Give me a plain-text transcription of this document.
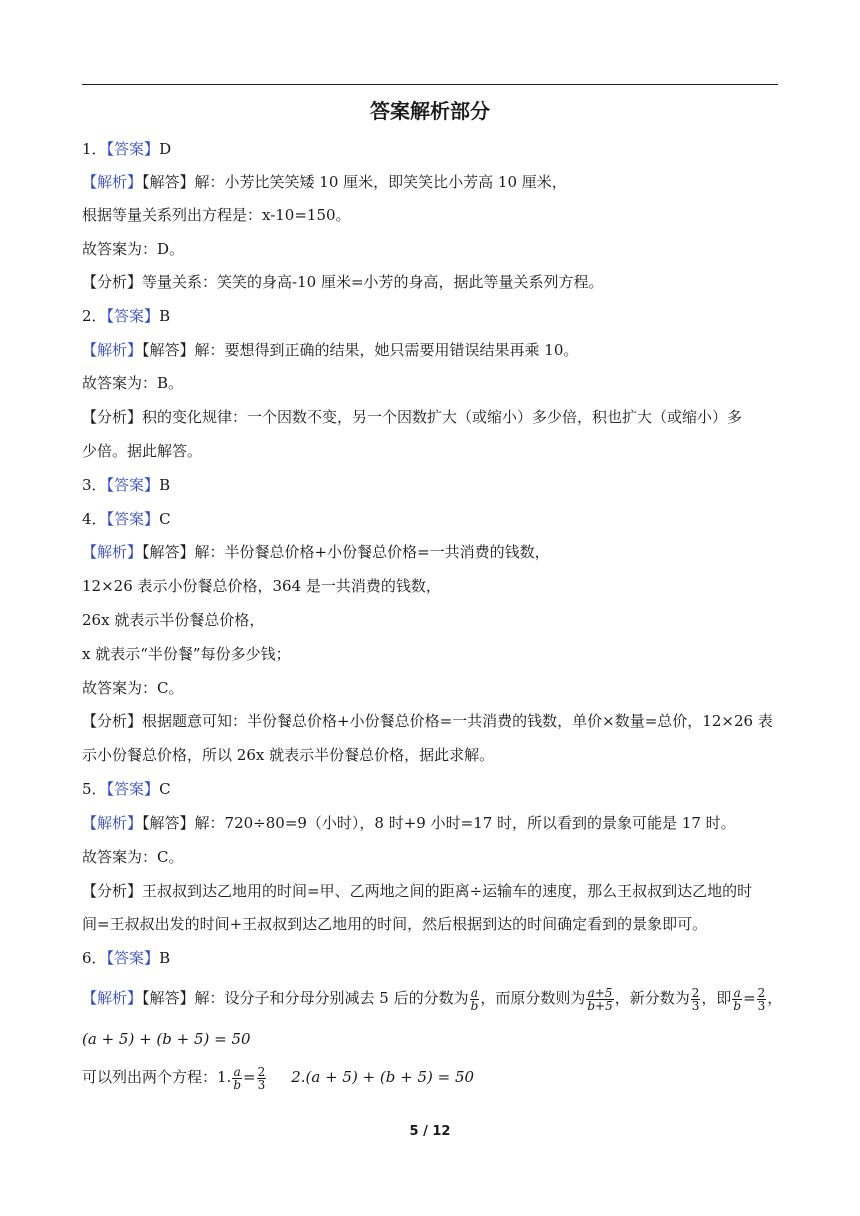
答案解析部分
1．【答案】D
【解析】【解答】解：小芳比笑笑矮 10 厘米，即笑笑比小芳高 10 厘米，
根据等量关系列出方程是：x-10=150。
故答案为：D。
【分析】等量关系：笑笑的身高-10 厘米=小芳的身高，据此等量关系列方程。
2．【答案】B
【解析】【解答】解：要想得到正确的结果，她只需要用错误结果再乘 10。
故答案为：B。
【分析】积的变化规律：一个因数不变，另一个因数扩大（或缩小）多少倍，积也扩大（或缩小）多
少倍。据此解答。
3．【答案】B
4．【答案】C
【解析】【解答】解：半份餐总价格+小份餐总价格=一共消费的钱数，
12×26 表示小份餐总价格，364 是一共消费的钱数，
26x 就表示半份餐总价格，
x 就表示“半份餐”每份多少钱；
故答案为：C。
【分析】根据题意可知：半份餐总价格+小份餐总价格=一共消费的钱数，单价×数量=总价，12×26 表
示小份餐总价格，所以 26x 就表示半份餐总价格，据此求解。
5．【答案】C
【解析】【解答】解：720÷80=9（小时），8 时+9 小时=17 时，所以看到的景象可能是 17 时。
故答案为：C。
【分析】王叔叔到达乙地用的时间=甲、乙两地之间的距离÷运输车的速度，那么王叔叔到达乙地的时
间=王叔叔出发的时间+王叔叔到达乙地用的时间，然后根据到达的时间确定看到的景象即可。
6．【答案】B
【解析】【解答】解：设分子和分母分别减去 5 后的分数为 $\frac{a}{b}$ ，而原分数则为 $\frac{a+5}{b+5}$ ，新分数为 $\frac{2}{3}$ ，即 $\frac{a}{b} = \frac{2}{3}$ ，
(a + 5) + (b + 5) = 50
可以列出两个方程：1. $\frac{a}{b} = \frac{2}{3} 2.(a + 5) + (b + 5) = 50$
5 / 12
